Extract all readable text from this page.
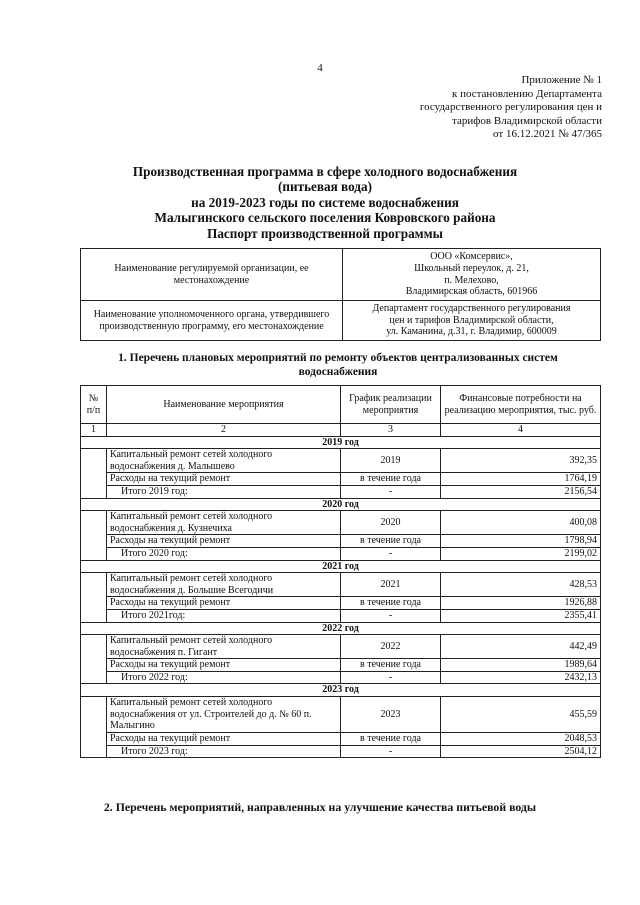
4
Приложение № 1
к постановлению Департамента
государственного регулирования цен и
тарифов Владимирской области
от 16.12.2021 № 47/365
Производственная программа в сфере холодного водоснабжения
(питьевая вода)
на 2019-2023 годы по системе водоснабжения
Малыгинского сельского поселения Ковровского района
Паспорт производственной программы
Наименование регулируемой организации, ее местонахождение	ООО «Комсервис»,
Школьный переулок, д. 21,
п. Мелехово,
Владимирская область, 601966

Наименование уполномоченного органа, утвердившего производственную программу, его местонахождение	Департамент государственного регулирования
цен и тарифов Владимирской области,
ул. Каманина, д.31, г. Владимир, 600009
1. Перечень плановых мероприятий по ремонту объектов централизованных систем водоснабжения
№ п/п	Наименование мероприятия	График реализации мероприятия	Финансовые потребности на реализацию мероприятия, тыс. руб.
1	2	3	4
2019 год			
	Капитальный ремонт сетей холодного водоснабжения д. Малышево	2019	392,35
	Расходы на текущий ремонт	в течение года	1764,19
	Итого 2019 год:	-	2156,54
2020 год			
	Капитальный ремонт сетей холодного водоснабжения д. Кузнечиха	2020	400,08
	Расходы на текущий ремонт	в течение года	1798,94
	Итого 2020 год:	-	2199,02
2021 год			
	Капитальный ремонт сетей холодного водоснабжения д. Большие Всегодичи	2021	428,53
	Расходы на текущий ремонт	в течение года	1926,88
	Итого 2021год:	-	2355,41
2022 год			
	Капитальный ремонт сетей холодного водоснабжения п. Гигант	2022	442,49
	Расходы на текущий ремонт	в течение года	1989,64
	Итого 2022 год:	-	2432,13
2023 год			
	Капитальный ремонт сетей холодного водоснабжения от ул. Строителей до д. № 60 п. Малыгино	2023	455,59
	Расходы на текущий ремонт	в течение года	2048,53
	Итого 2023 год:	-	2504,12
2. Перечень мероприятий, направленных на улучшение качества питьевой воды
